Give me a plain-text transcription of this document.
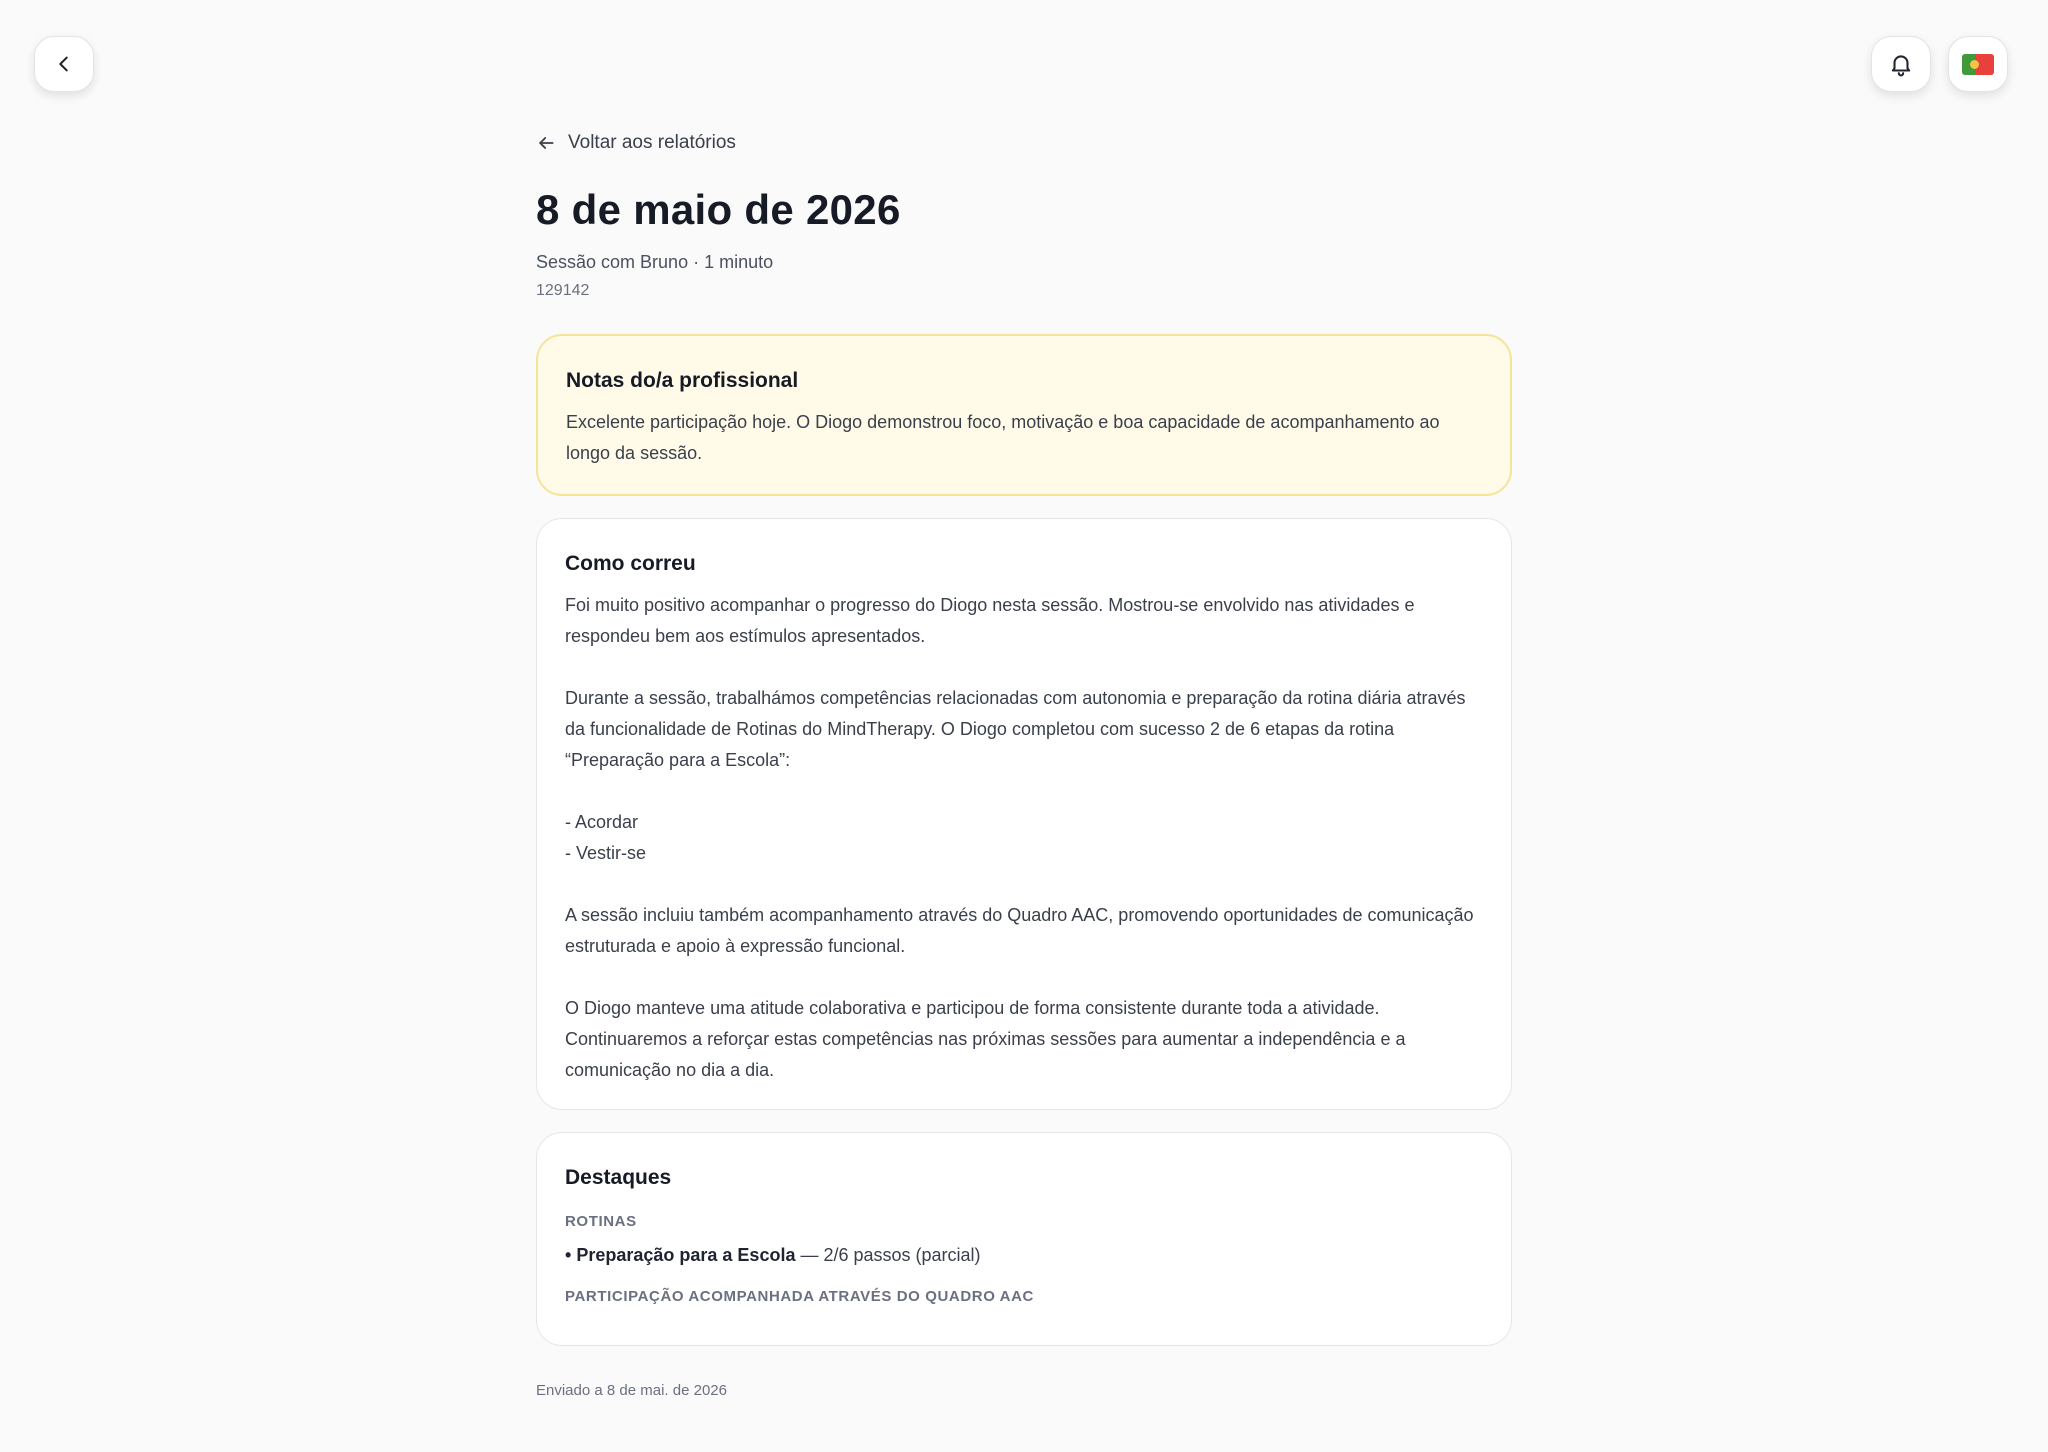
Voltar aos relatórios
8 de maio de 2026
Sessão com Bruno · 1 minuto
129142
Notas do/a profissional
Excelente participação hoje. O Diogo demonstrou foco, motivação e boa capacidade de acompanhamento ao longo da sessão.
Como correu
Foi muito positivo acompanhar o progresso do Diogo nesta sessão. Mostrou-se envolvido nas atividades e respondeu bem aos estímulos apresentados.

Durante a sessão, trabalhámos competências relacionadas com autonomia e preparação da rotina diária através da funcionalidade de Rotinas do MindTherapy. O Diogo completou com sucesso 2 de 6 etapas da rotina “Preparação para a Escola”:

- Acordar
- Vestir-se

A sessão incluiu também acompanhamento através do Quadro AAC, promovendo oportunidades de comunicação estruturada e apoio à expressão funcional.

O Diogo manteve uma atitude colaborativa e participou de forma consistente durante toda a atividade. Continuaremos a reforçar estas competências nas próximas sessões para aumentar a independência e a comunicação no dia a dia.
Destaques
ROTINAS
• Preparação para a Escola — 2/6 passos (parcial)
PARTICIPAÇÃO ACOMPANHADA ATRAVÉS DO QUADRO AAC
Enviado a 8 de mai. de 2026
